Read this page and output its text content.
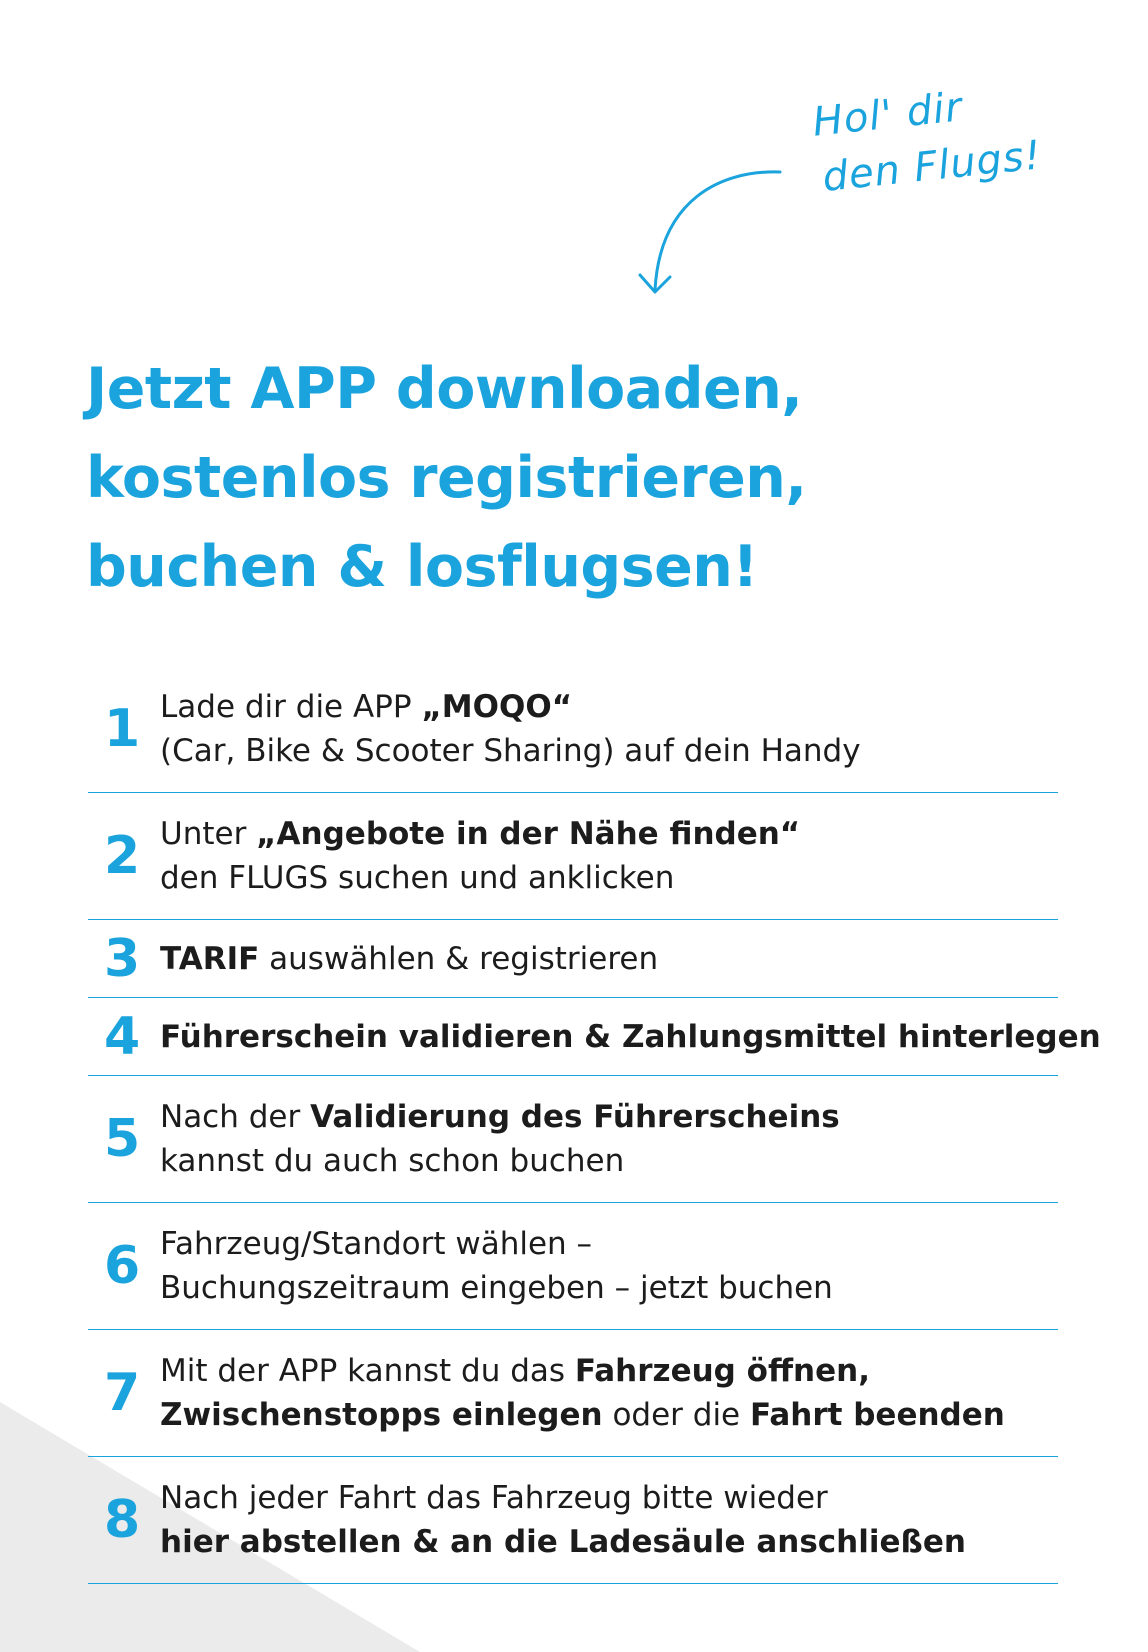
Hol' dir
den Flugs!
Jetzt APP downloaden,
kostenlos registrieren,
buchen & losflugsen!
1 Lade dir die APP „MOQO“
(Car, Bike & Scooter Sharing) auf dein Handy
2 Unter „Angebote in der Nähe finden“
den FLUGS suchen und anklicken
3 TARIF auswählen & registrieren
4 Führerschein validieren & Zahlungsmittel hinterlegen
5 Nach der Validierung des Führerscheins
kannst du auch schon buchen
6 Fahrzeug/Standort wählen –
Buchungszeitraum eingeben – jetzt buchen
7 Mit der APP kannst du das Fahrzeug öffnen,
Zwischenstopps einlegen oder die Fahrt beenden
8 Nach jeder Fahrt das Fahrzeug bitte wieder
hier abstellen & an die Ladesäule anschließen
